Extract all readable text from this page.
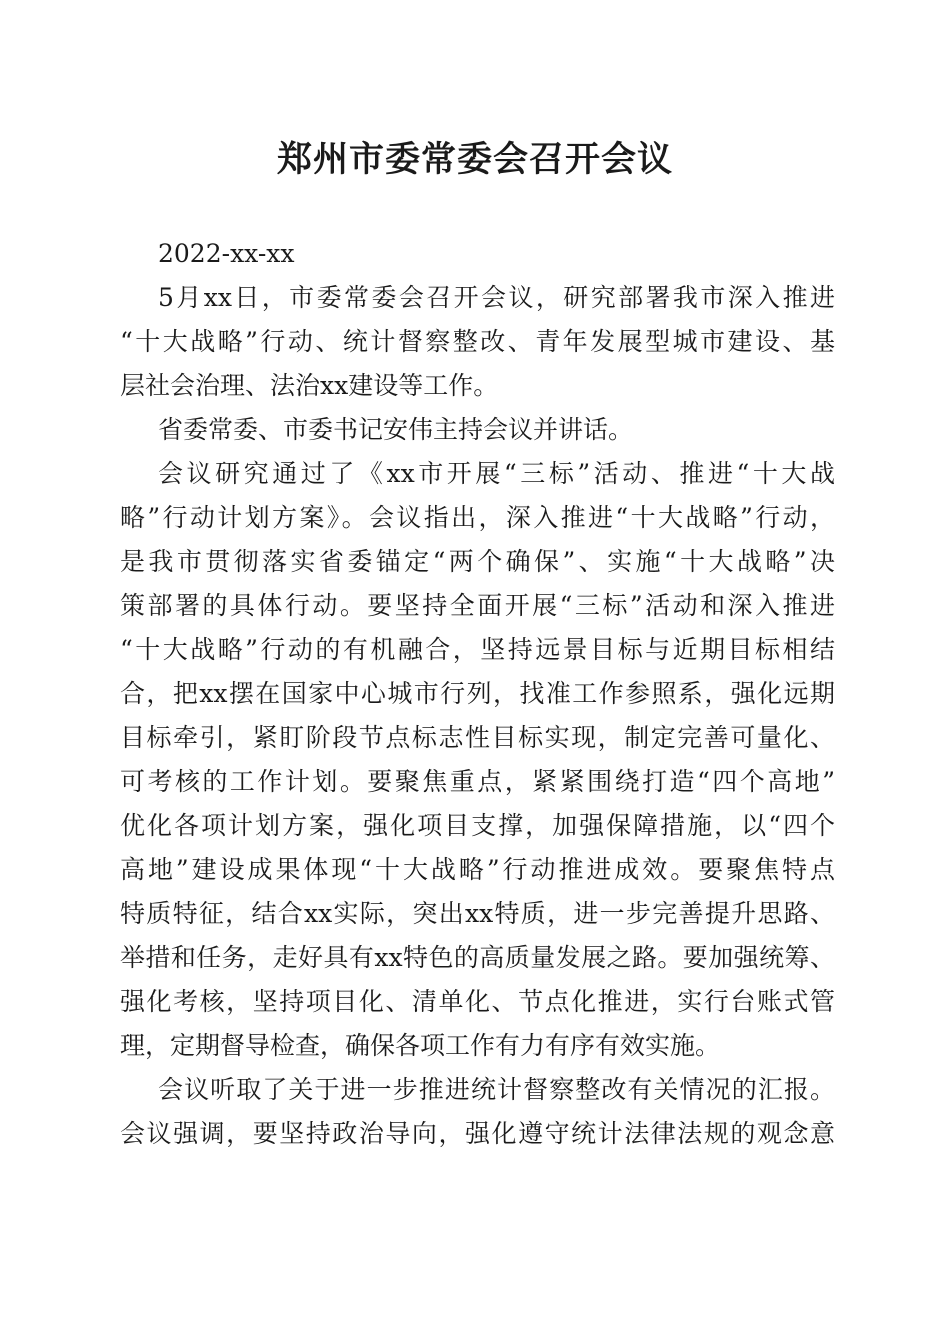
郑州市委常委会召开会议
2022-xx-xx
5月xx日，市委常委会召开会议，研究部署我市深入推进
“十大战略”行动、统计督察整改、青年发展型城市建设、基
层社会治理、法治xx建设等工作。
省委常委、市委书记安伟主持会议并讲话。
会议研究通过了《xx市开展“三标”活动、推进“十大战
略”行动计划方案》。会议指出，深入推进“十大战略”行动，
是我市贯彻落实省委锚定“两个确保”、实施“十大战略”决
策部署的具体行动。要坚持全面开展“三标”活动和深入推进
“十大战略”行动的有机融合，坚持远景目标与近期目标相结
合，把xx摆在国家中心城市行列，找准工作参照系，强化远期
目标牵引，紧盯阶段节点标志性目标实现，制定完善可量化、
可考核的工作计划。要聚焦重点，紧紧围绕打造“四个高地”
优化各项计划方案，强化项目支撑，加强保障措施，以“四个
高地”建设成果体现“十大战略”行动推进成效。要聚焦特点
特质特征，结合xx实际，突出xx特质，进一步完善提升思路、
举措和任务，走好具有xx特色的高质量发展之路。要加强统筹、
强化考核，坚持项目化、清单化、节点化推进，实行台账式管
理，定期督导检查，确保各项工作有力有序有效实施。
会议听取了关于进一步推进统计督察整改有关情况的汇报。
会议强调，要坚持政治导向，强化遵守统计法律法规的观念意
